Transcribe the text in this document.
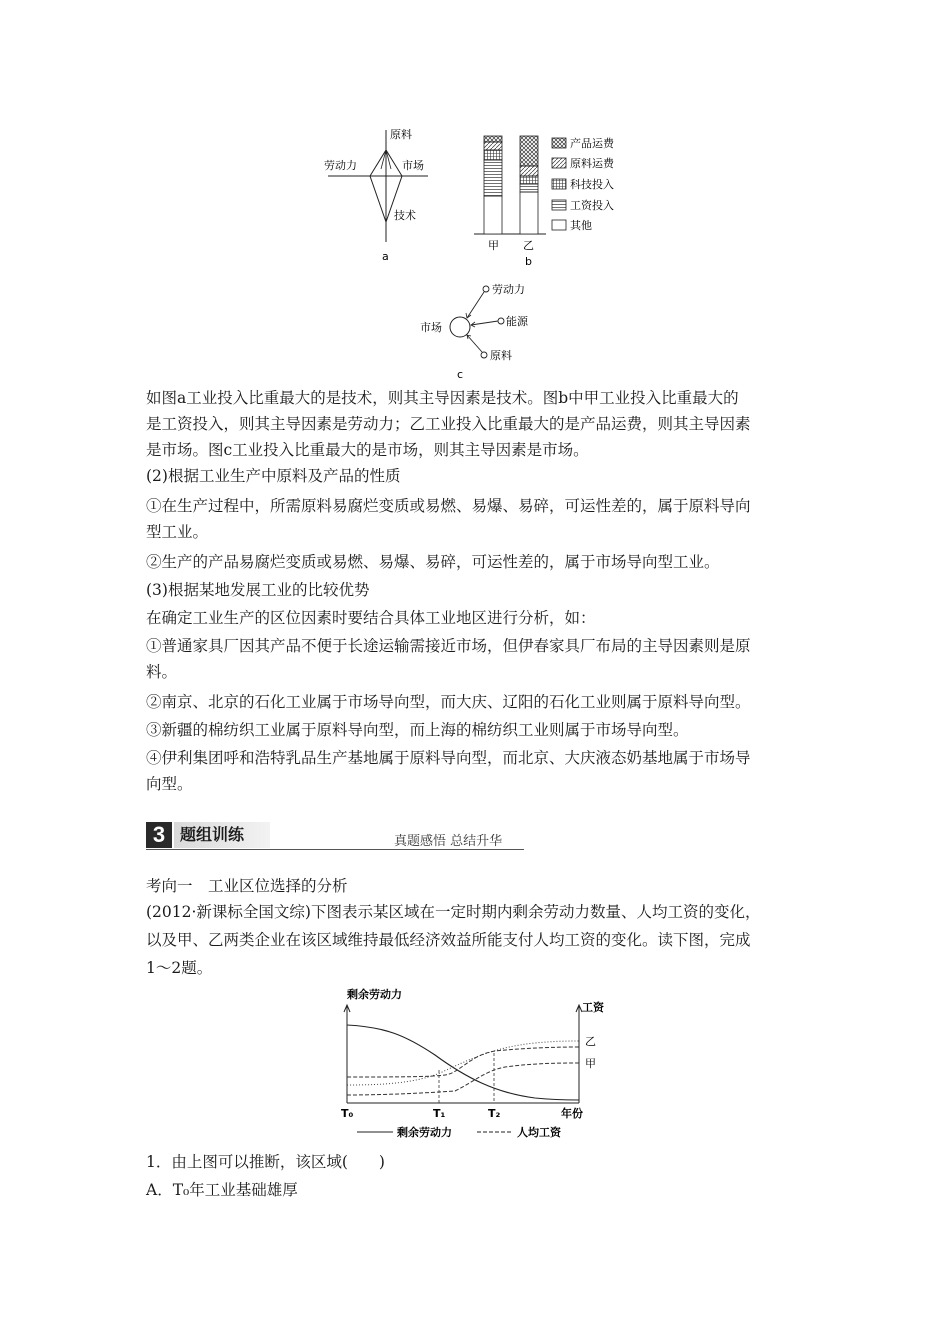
原料
劳动力	市场
技术
a
甲 乙
b
产品运费
原料运费
科技投入
工资投入
其他
市场
劳动力
能源
原料
c
如图a工业投入比重最大的是技术，则其主导因素是技术。图b中甲工业投入比重最大的
是工资投入，则其主导因素是劳动力；乙工业投入比重最大的是产品运费，则其主导因素
是市场。图c工业投入比重最大的是市场，则其主导因素是市场。
(2)根据工业生产中原料及产品的性质
①在生产过程中，所需原料易腐烂变质或易燃、易爆、易碎，可运性差的，属于原料导向
型工业。
②生产的产品易腐烂变质或易燃、易爆、易碎，可运性差的，属于市场导向型工业。
(3)根据某地发展工业的比较优势
在确定工业生产的区位因素时要结合具体工业地区进行分析，如：
①普通家具厂因其产品不便于长途运输需接近市场，但伊春家具厂布局的主导因素则是原
料。
②南京、北京的石化工业属于市场导向型，而大庆、辽阳的石化工业则属于原料导向型。
③新疆的棉纺织工业属于原料导向型，而上海的棉纺织工业则属于市场导向型。
④伊利集团呼和浩特乳品生产基地属于原料导向型，而北京、大庆液态奶基地属于市场导
向型。
3 题组训练	真题感悟 总结升华
考向一　工业区位选择的分析
(2012·新课标全国文综)下图表示某区域在一定时期内剩余劳动力数量、人均工资的变化，
以及甲、乙两类企业在该区域维持最低经济效益所能支付人均工资的变化。读下图，完成
1～2题。
剩余劳动力
工资
乙
甲
T₀	T₁	T₂	年份
剩余劳动力	人均工资
1．由上图可以推断，该区域(　　)
A．T₀年工业基础雄厚
